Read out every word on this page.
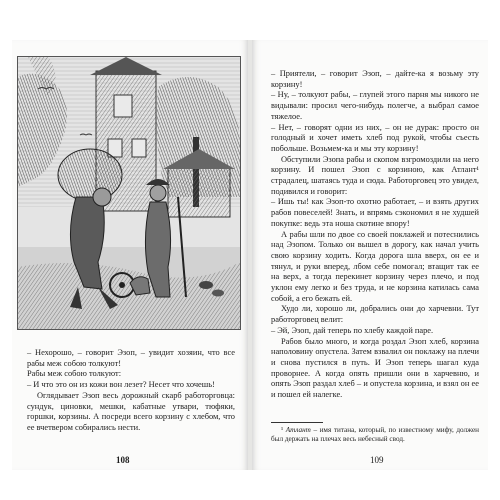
– Нехорошо, – говорит Эзоп, – увидит хозяин, что все рабы меж собою толкуют!

Рабы меж собою толкуют:

– И что это он из кожи вон лезет? Несет что хочешь!

Оглядывает Эзоп весь дорожный скарб работорговца: сундук, циновки, мешки, кабатные утвари, тюфяки, горшки, корзины. А посреди всего корзину с хлебом, что ее вчетвером собирались нести.

108

– Приятели, – говорит Эзоп, – дайте-ка я возьму эту корзину!

– Ну, – толкуют рабы, – глупей этого парня мы никого не видывали: просил чего-нибудь полегче, а выбрал самое тяжелое.

– Нет, – говорят одни из них, – он не дурак: просто он голодный и хочет иметь хлеб под рукой, чтобы съесть побольше. Возьмем-ка и мы эту корзину!

Обступили Эзопа рабы и скопом взгромоздили на него корзину. И пошел Эзоп с корзиною, как Атлант¹ страдалец, шатаясь туда и сюда. Работорговец это увидел, подивился и говорит:

– Ишь ты! как Эзоп-то охотно работает, – и взять других рабов повеселей! Знать, и впрямь сэкономил я не худшей покупке: ведь эта ноша скотине впору!

А рабы шли по двое со своей поклажей и потеснились над Эзопом. Только он вышел в дорогу, как начал учить свою корзину ходить. Когда дорога шла вверх, он ее и тянул, и руки вперед, лбом себе помогал; втащит так ее на верх, а тогда перекинет корзину через плечо, и под уклон ему легко и без труда, и не корзина катилась сама собой, а его бежать ей.

Худо ли, хорошо ли, добрались они до харчевни. Тут работорговец велит:

– Эй, Эзоп, дай теперь по хлебу каждой паре.

Рабов было много, и когда роздал Эзоп хлеб, корзина наполовину опустела. Затем взвалил он поклажу на плечи и снова пустился в путь. И Эзоп теперь шагал куда проворнее. А когда опять пришли они в харчевню, и опять Эзоп раздал хлеб – и опустела корзина, и взял он ее и пошел ей налегке.

¹ Атлант – имя титана, который, по известному мифу, должен был держать на плечах весь небесный свод.
109
